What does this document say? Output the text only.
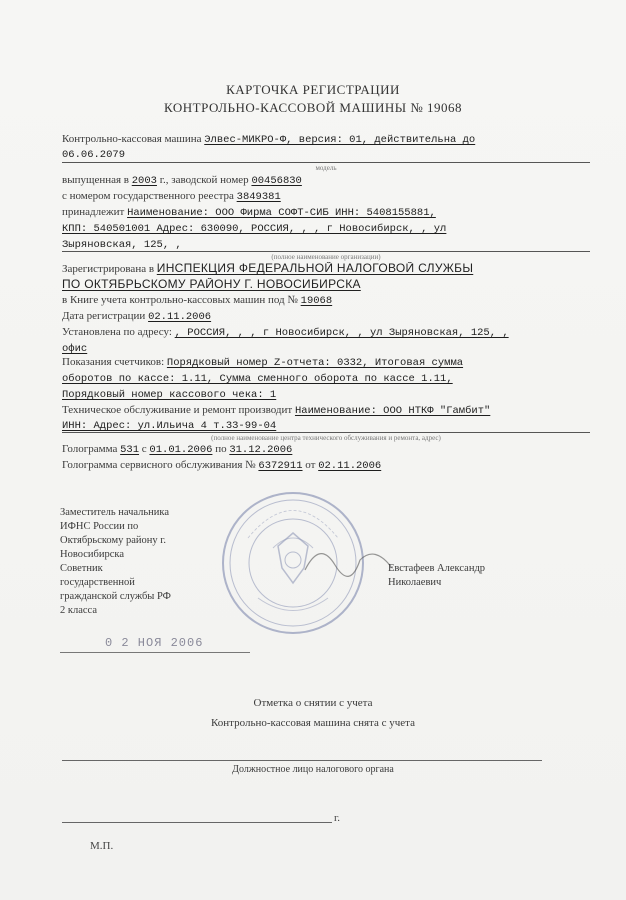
КАРТОЧКА РЕГИСТРАЦИИ
КОНТРОЛЬНО-КАССОВОЙ МАШИНЫ № 19068
Контрольно-кассовая машина Элвес-МИКРО-Ф, версия: 01, действительна до
06.06.2079
модель
выпущенная в 2003 г., заводской номер 00456830
с номером государственного реестра 3849381
принадлежит Наименование: ООО Фирма СОФТ-СИБ ИНН: 5408155881,
КПП: 540501001 Адрес: 630090, РОССИЯ, , , г Новосибирск, , ул
Зыряновская, 125, ,
(полное наименование организации)
Зарегистрирована в ИНСПЕКЦИЯ ФЕДЕРАЛЬНОЙ НАЛОГОВОЙ СЛУЖБЫ
ПО ОКТЯБРЬСКОМУ РАЙОНУ Г. НОВОСИБИРСКА
в Книге учета контрольно-кассовых машин под № 19068
Дата регистрации 02.11.2006
Установлена по адресу: , РОССИЯ, , , г Новосибирск, , ул Зыряновская, 125, ,
офис
Показания счетчиков: Порядковый номер Z-отчета: 0332, Итоговая сумма
оборотов по кассе: 1.11, Сумма сменного оборота по кассе 1.11,
Порядковый номер кассового чека: 1
Техническое обслуживание и ремонт производит Наименование: ООО НТКФ "Гамбит"
ИНН: Адрес: ул.Ильича 4 т.33-99-04
(полное наименование центра технического обслуживания и ремонта, адрес)
Голограмма 531 с 01.01.2006 по 31.12.2006
Голограмма сервисного обслуживания № 6372911 от 02.11.2006
Заместитель начальника
ИФНС России по
Октябрьскому району г.
Новосибирска
Советник
государственной
гражданской службы РФ
2 класса
Евстафеев Александр
Николаевич
0 2 НОЯ 2006
Отметка о снятии с учета
Контрольно-кассовая машина снята с учета
Должностное лицо налогового органа
г.
М.П.
